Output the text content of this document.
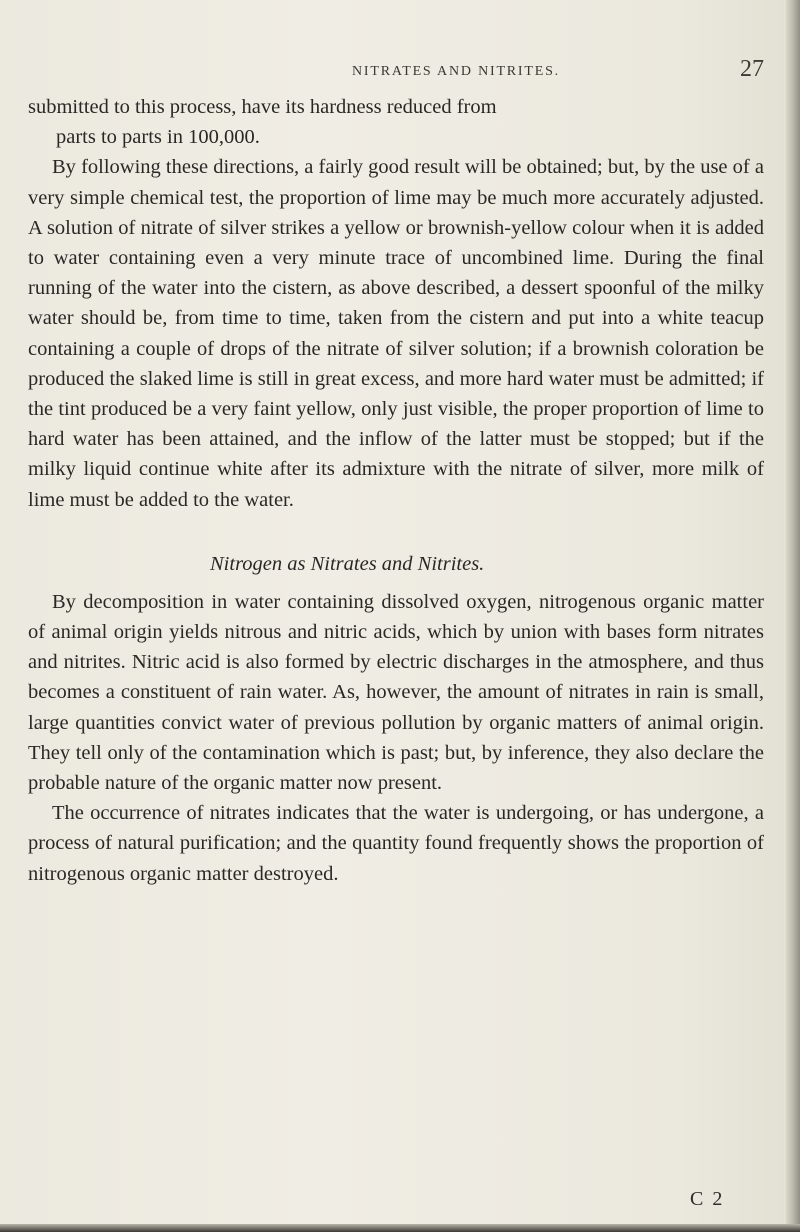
NITRATES AND NITRITES.	27

submitted to this process, have its hardness reduced from
parts to parts in 100,000.

By following these directions, a fairly good result will be obtained; but, by the use of a very simple chemical test, the proportion of lime may be much more accurately adjusted. A solution of nitrate of silver strikes a yellow or brownish-yellow colour when it is added to water containing even a very minute trace of uncombined lime. During the final running of the water into the cistern, as above described, a dessert spoonful of the milky water should be, from time to time, taken from the cistern and put into a white teacup containing a couple of drops of the nitrate of silver solution; if a brownish coloration be produced the slaked lime is still in great excess, and more hard water must be admitted; if the tint produced be a very faint yellow, only just visible, the proper proportion of lime to hard water has been attained, and the inflow of the latter must be stopped; but if the milky liquid continue white after its admixture with the nitrate of silver, more milk of lime must be added to the water.

Nitrogen as Nitrates and Nitrites.

By decomposition in water containing dissolved oxygen, nitrogenous organic matter of animal origin yields nitrous and nitric acids, which by union with bases form nitrates and nitrites. Nitric acid is also formed by electric discharges in the atmosphere, and thus becomes a constituent of rain water. As, however, the amount of nitrates in rain is small, large quantities convict water of previous pollution by organic matters of animal origin. They tell only of the contamination which is past; but, by inference, they also declare the probable nature of the organic matter now present.

The occurrence of nitrates indicates that the water is undergoing, or has undergone, a process of natural purification; and the quantity found frequently shows the proportion of nitrogenous organic matter destroyed.

C 2
